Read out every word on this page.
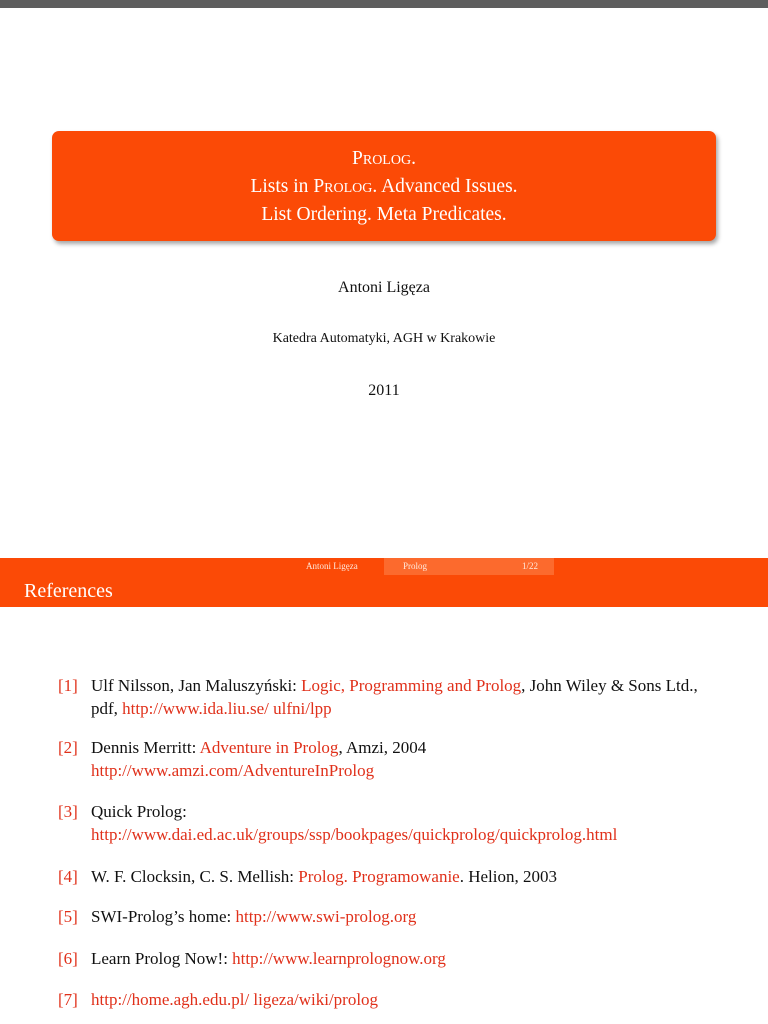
Prolog.
Lists in Prolog. Advanced Issues.
List Ordering. Meta Predicates.
Antoni Ligęza
Katedra Automatyki, AGH w Krakowie
2011
Antoni Ligęza	Prolog	1/22
References
[1] Ulf Nilsson, Jan Maluszyński: Logic, Programming and Prolog, John Wiley & Sons Ltd., pdf, http://www.ida.liu.se/ ulfni/lpp
[2] Dennis Merritt: Adventure in Prolog, Amzi, 2004
http://www.amzi.com/AdventureInProlog
[3] Quick Prolog:
http://www.dai.ed.ac.uk/groups/ssp/bookpages/quickprolog/quickprolog.html
[4] W. F. Clocksin, C. S. Mellish: Prolog. Programowanie. Helion, 2003
[5] SWI-Prolog’s home: http://www.swi-prolog.org
[6] Learn Prolog Now!: http://www.learnprolognow.org
[7] http://home.agh.edu.pl/ ligeza/wiki/prolog
